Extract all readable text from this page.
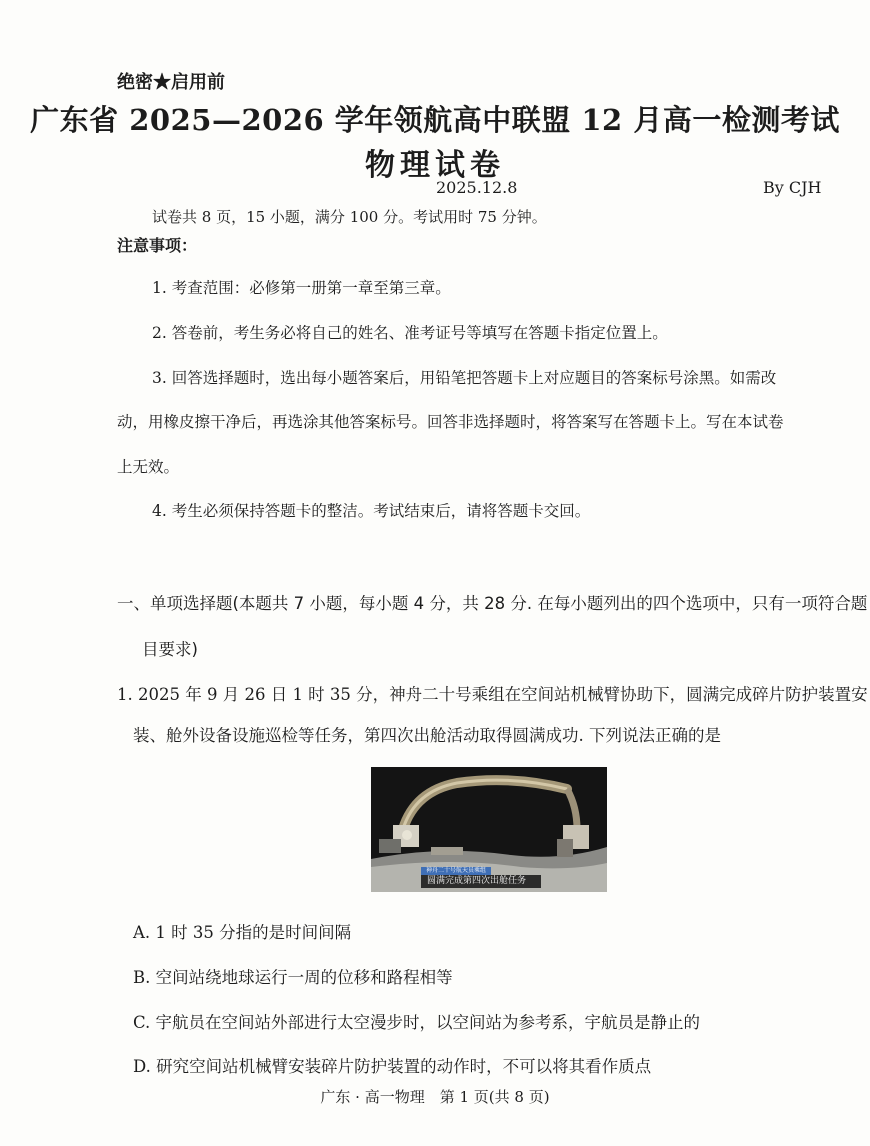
绝密★启用前
广东省 2025—2026 学年领航高中联盟 12 月高一检测考试
物理试卷
2025.12.8	By CJH
试卷共 8 页，15 小题，满分 100 分。考试用时 75 分钟。
注意事项：
1. 考查范围：必修第一册第一章至第三章。
2. 答卷前，考生务必将自己的姓名、准考证号等填写在答题卡指定位置上。
3. 回答选择题时，选出每小题答案后，用铅笔把答题卡上对应题目的答案标号涂黑。如需改
动，用橡皮擦干净后，再选涂其他答案标号。回答非选择题时，将答案写在答题卡上。写在本试卷
上无效。
4. 考生必须保持答题卡的整洁。考试结束后，请将答题卡交回。
一、单项选择题(本题共 7 小题，每小题 4 分，共 28 分. 在每小题列出的四个选项中，只有一项符合题
目要求)
1. 2025 年 9 月 26 日 1 时 35 分，神舟二十号乘组在空间站机械臂协助下，圆满完成碎片防护装置安
装、舱外设备设施巡检等任务，第四次出舱活动取得圆满成功. 下列说法正确的是
神舟二十号航天员乘组
圆满完成第四次出舱任务
A. 1 时 35 分指的是时间间隔
B. 空间站绕地球运行一周的位移和路程相等
C. 宇航员在空间站外部进行太空漫步时，以空间站为参考系，宇航员是静止的
D. 研究空间站机械臂安装碎片防护装置的动作时，不可以将其看作质点
广东 · 高一物理　第 1 页(共 8 页)
